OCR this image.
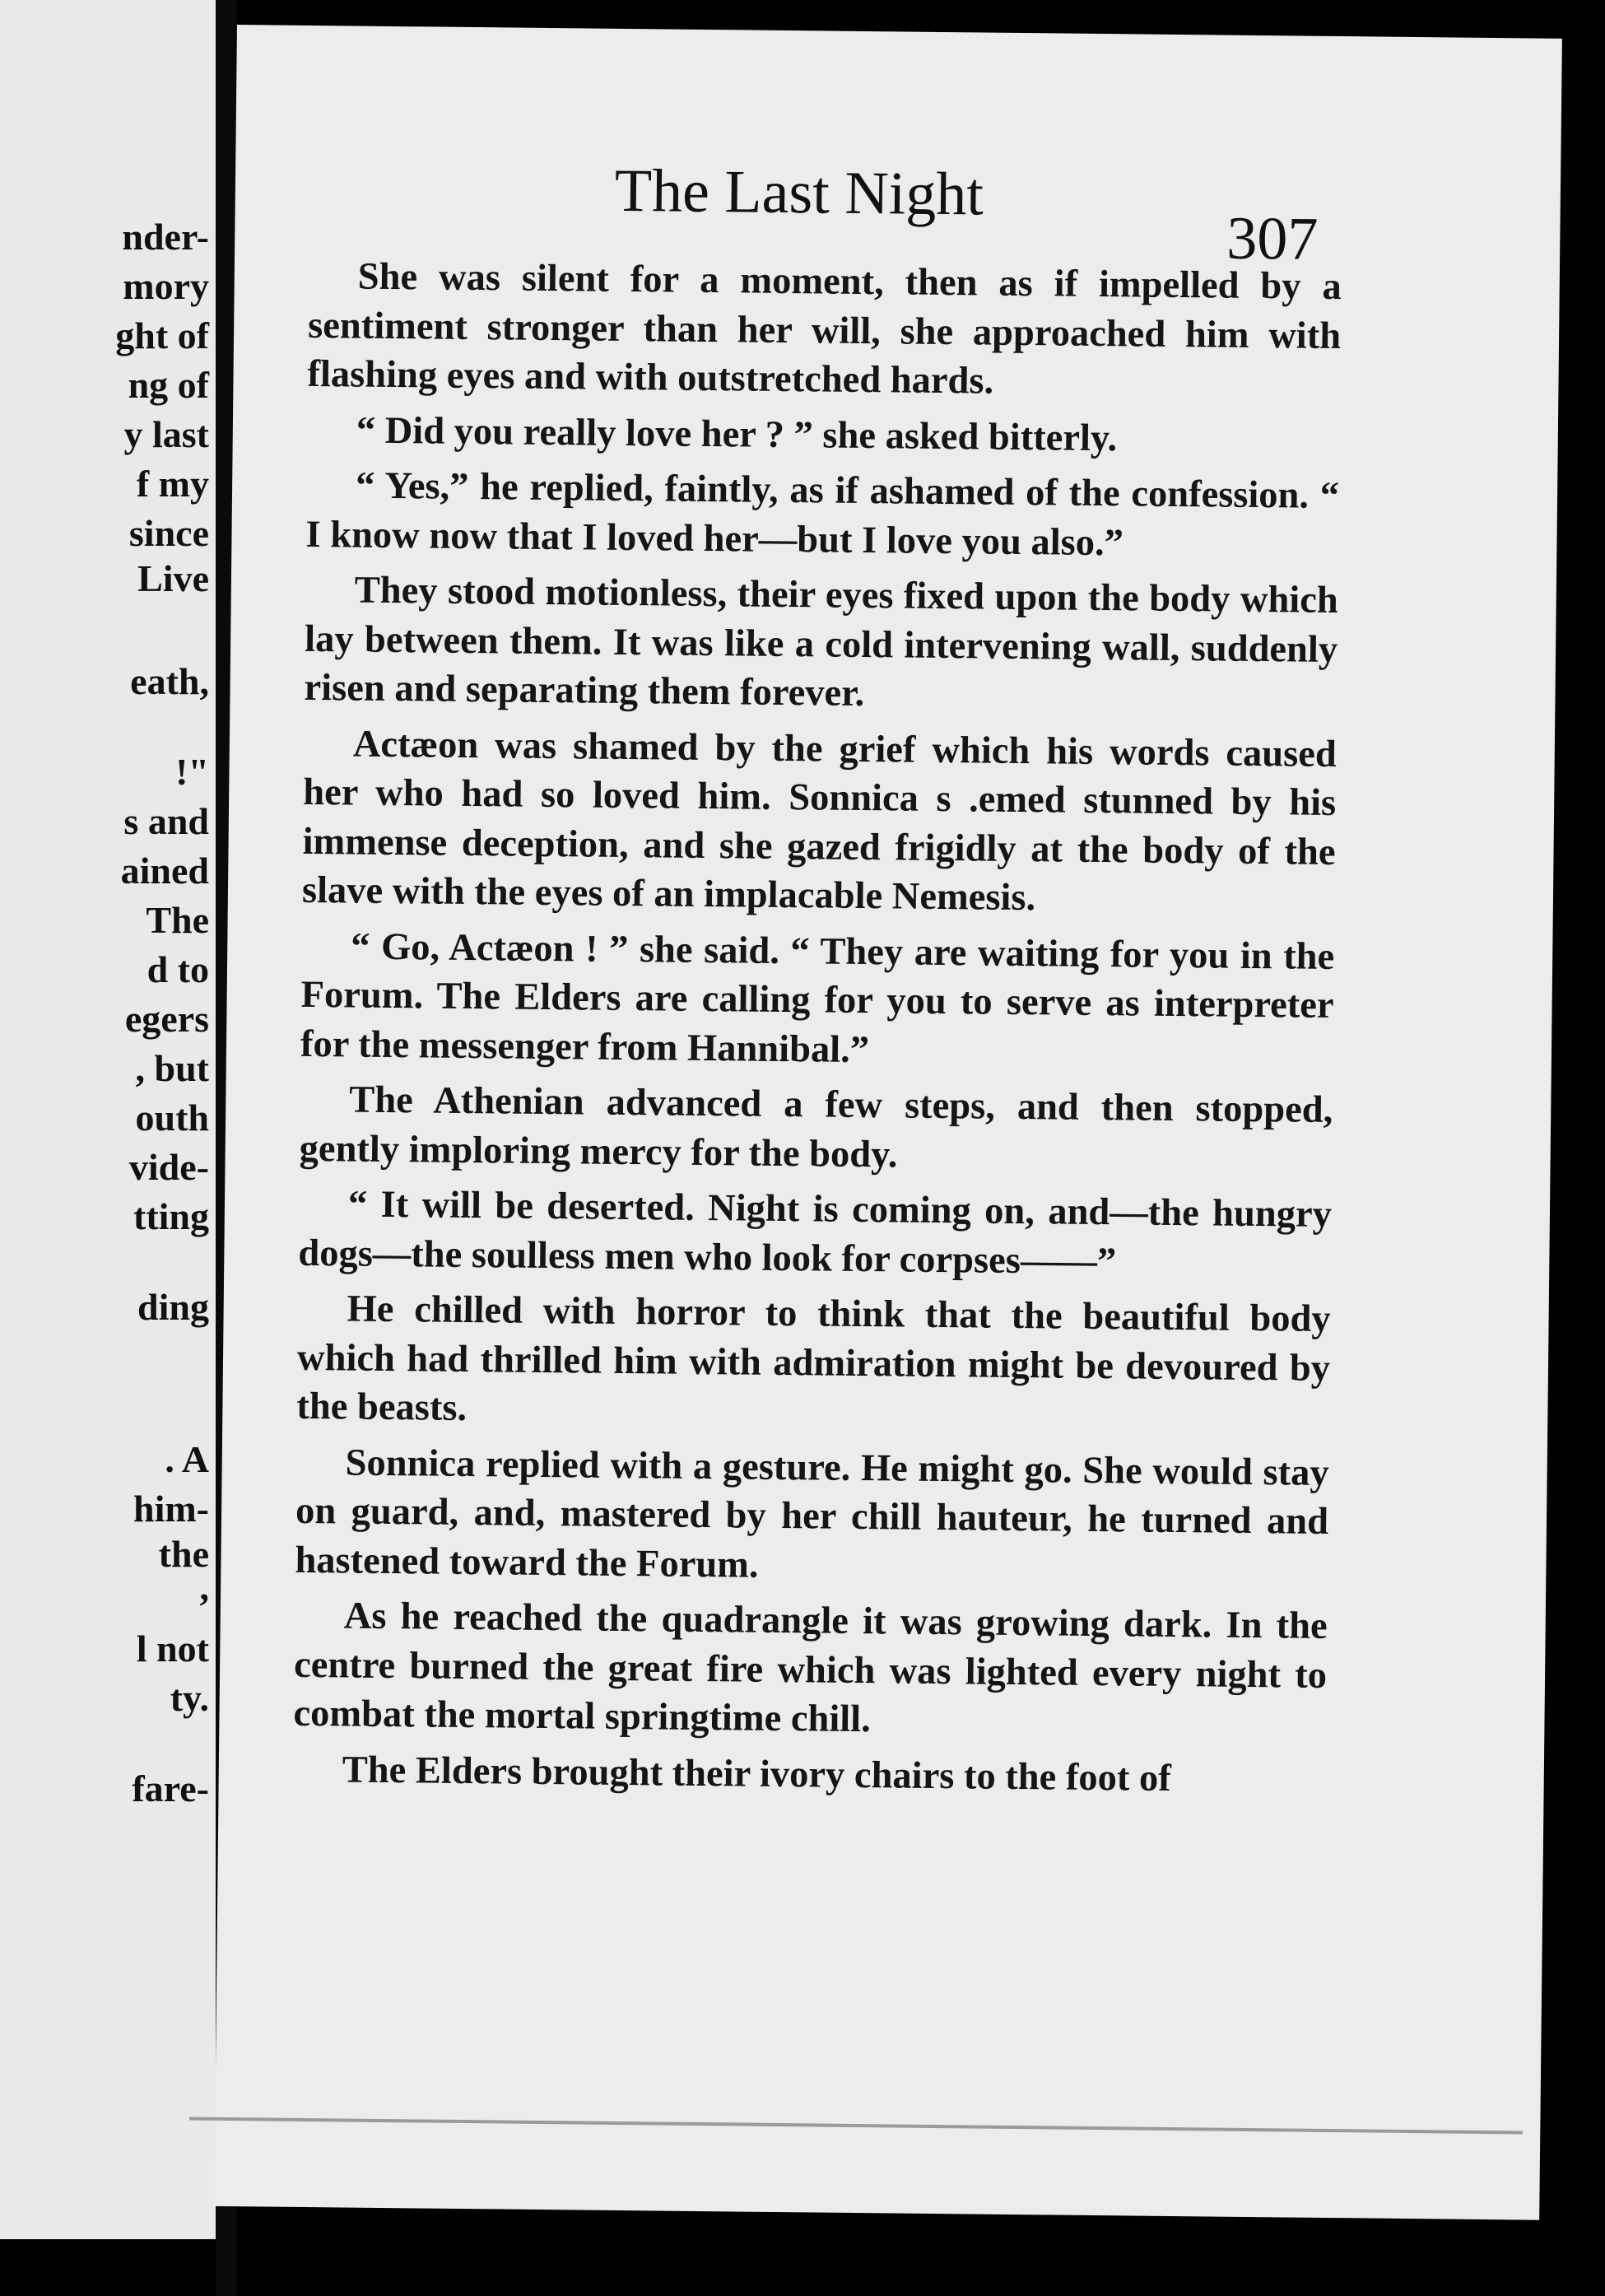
nder-
mory
ght of
ng of
y last
f my
since
Live
eath,
!"
s and
ained
The
d to
egers
, but
outh
vide-
tting
ding
. A
him-
the
,
l not
ty.
fare-
The Last Night
307

She was silent for a moment, then as if impelled by a sentiment stronger than her will, she approached him with flashing eyes and with outstretched hards.

“ Did you really love her ? ” she asked bitterly.

“ Yes,” he replied, faintly, as if ashamed of the confession. “ I know now that I loved her—but I love you also.”

They stood motionless, their eyes fixed upon the body which lay between them. It was like a cold intervening wall, suddenly risen and separating them forever.

Actæon was shamed by the grief which his words caused her who had so loved him. Sonnica s .emed stunned by his immense deception, and she gazed frigidly at the body of the slave with the eyes of an implacable Nemesis.

“ Go, Actæon ! ” she said. “ They are waiting for you in the Forum. The Elders are calling for you to serve as interpreter for the messenger from Hannibal.”

The Athenian advanced a few steps, and then stopped, gently imploring mercy for the body.

“ It will be deserted. Night is coming on, and—the hungry dogs—the soulless men who look for corpses——”

He chilled with horror to think that the beautiful body which had thrilled him with admiration might be devoured by the beasts.

Sonnica replied with a gesture. He might go. She would stay on guard, and, mastered by her chill hauteur, he turned and hastened toward the Forum.

As he reached the quadrangle it was growing dark. In the centre burned the great fire which was lighted every night to combat the mortal springtime chill.

The Elders brought their ivory chairs to the foot of
